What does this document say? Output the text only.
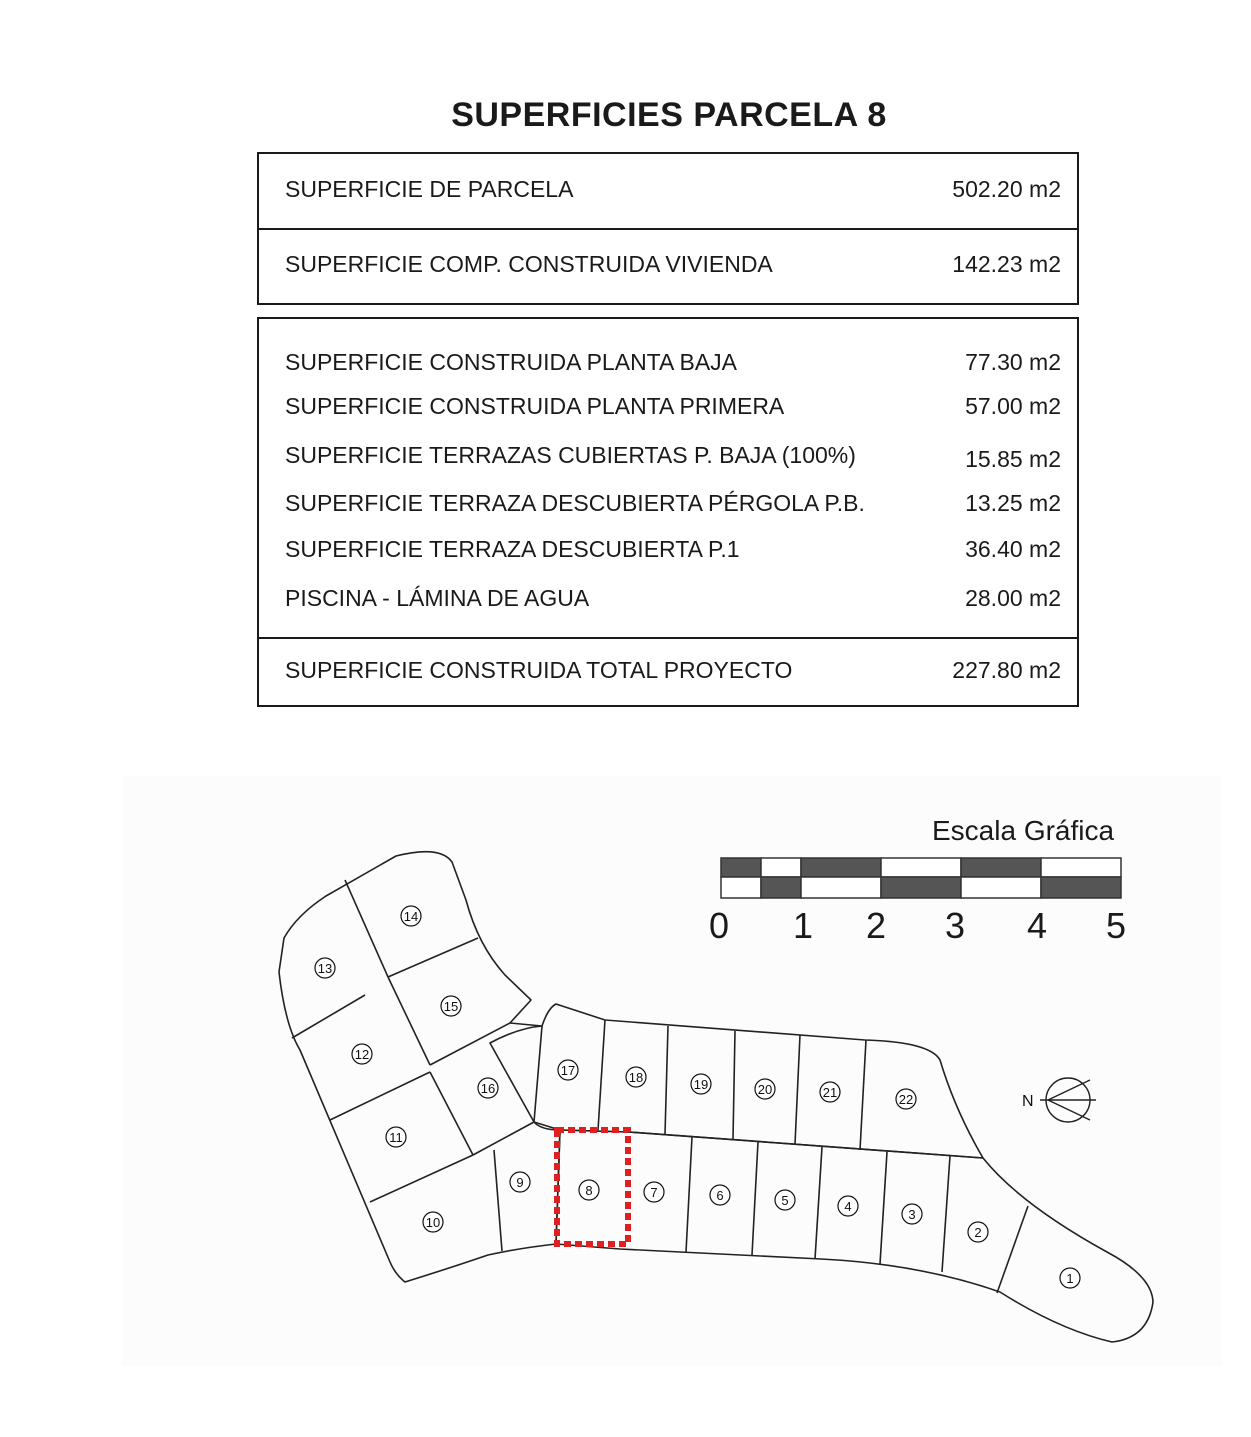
SUPERFICIES PARCELA 8
SUPERFICIE DE PARCELA	502.20 m2
SUPERFICIE COMP. CONSTRUIDA VIVIENDA	142.23 m2
SUPERFICIE CONSTRUIDA PLANTA BAJA	77.30 m2
SUPERFICIE CONSTRUIDA PLANTA PRIMERA	57.00 m2
SUPERFICIE TERRAZAS CUBIERTAS P. BAJA (100%)	15.85 m2
SUPERFICIE TERRAZA DESCUBIERTA PÉRGOLA P.B.	13.25 m2
SUPERFICIE TERRAZA DESCUBIERTA P.1	36.40 m2
PISCINA - LÁMINA DE AGUA	28.00 m2
SUPERFICIE CONSTRUIDA TOTAL PROYECTO	227.80 m2
Escala Gráfica
0 1 2 3 4 5
1
2
3
4
5
6
7
8
9
10
11
12
13
14
15
16
17	18	19	20	21	22	N
